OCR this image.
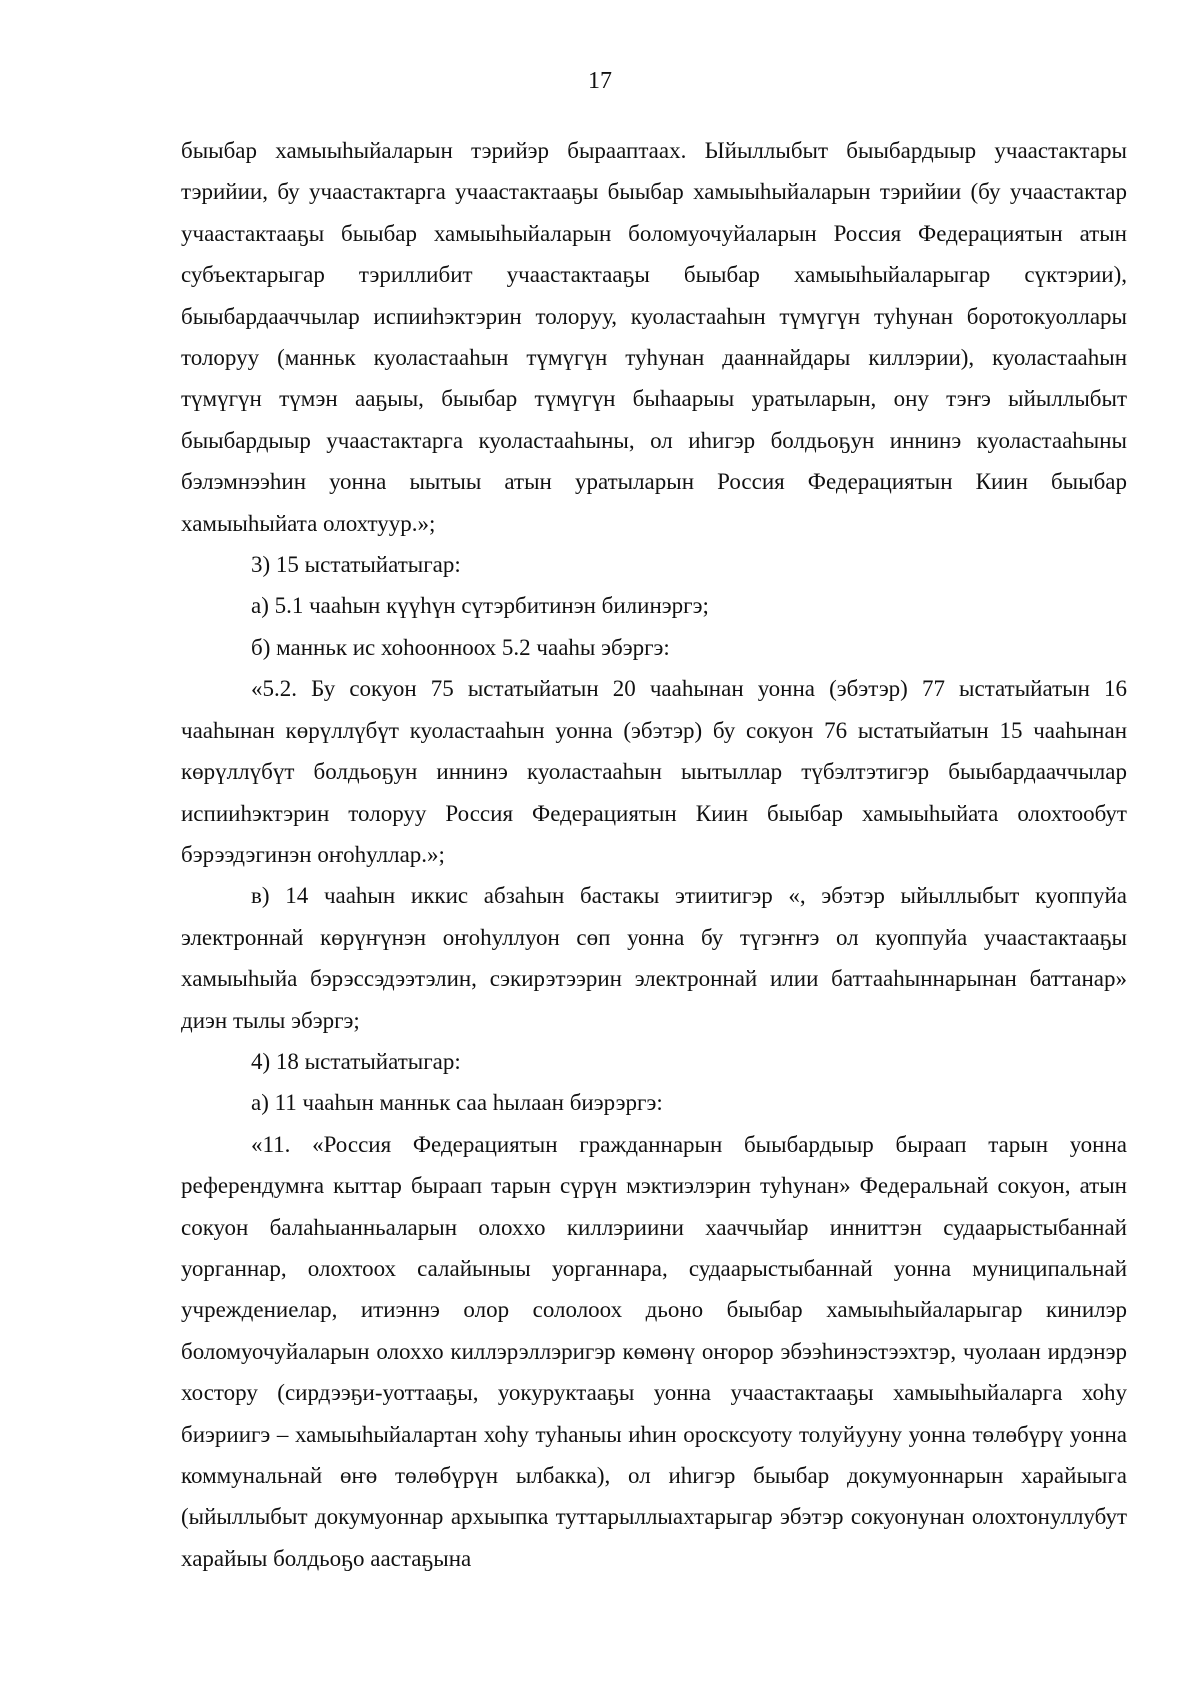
17

быыбар хамыыһыйаларын тэрийэр бырааптаах. Ыйыллыбыт быыбардыыр учаастактары тэрийии, бу учаастактарга учаастактааҕы быыбар хамыыһыйаларын тэрийии (бу учаастактар учаастактааҕы быыбар хамыыһыйаларын боломуочуйаларын Россия Федерациятын атын субъектарыгар тэриллибит учаастактааҕы быыбар хамыыһыйаларыгар сүктэрии), быыбардааччылар испииһэктэрин толоруу, куоластааһын түмүгүн туһунан боротокуоллары толоруу (манньк куоластааһын түмүгүн туһунан дааннайдары киллэрии), куоластааһын түмүгүн түмэн ааҕыы, быыбар түмүгүн быһаарыы уратыларын, ону тэҥэ ыйыллыбыт быыбардыыр учаастактарга куоластааһыны, ол иһигэр болдьоҕун иннинэ куоластааһыны бэлэмнээһин уонна ыытыы атын уратыларын Россия Федерациятын Киин быыбар хамыыһыйата олохтуур.»;

3) 15 ыстатыйатыгар:

а) 5.1 чааһын күүһүн сүтэрбитинэн билинэргэ;

б) манньк ис хоһоонноох 5.2 чааһы эбэргэ:

«5.2. Бу сокуон 75 ыстатыйатын 20 чааһынан уонна (эбэтэр) 77 ыстатыйатын 16 чааһынан көрүллүбүт куоластааһын уонна (эбэтэр) бу сокуон 76 ыстатыйатын 15 чааһынан көрүллүбүт болдьоҕун иннинэ куоластааһын ыытыллар түбэлтэтигэр быыбардааччылар испииһэктэрин толоруу Россия Федерациятын Киин быыбар хамыыһыйата олохтообут бэрээдэгинэн оҥоһуллар.»;

в) 14 чааһын иккис абзаһын бастакы этиитигэр «, эбэтэр ыйыллыбыт куоппуйа электроннай көрүҥүнэн оҥоһуллуон сөп уонна бу түгэҥҥэ ол куоппуйа учаастактааҕы хамыыһыйа бэрэссэдээтэлин, сэкирэтээрин электроннай илии баттааһыннарынан баттанар» диэн тылы эбэргэ;

4) 18 ыстатыйатыгар:

а) 11 чааһын манньк саа һылаан биэрэргэ:

«11. «Россия Федерациятын гражданнарын быыбардыыр быраап тарын уонна референдумҥа кыттар быраап тарын сүрүн мэктиэлэрин туһунан» Федеральнай сокуон, атын сокуон балаһыанньаларын олоххо киллэриини хааччыйар инниттэн судаарыстыбаннай уорганнар, олохтоох салайыныы уорганнара, судаарыстыбаннай уонна муниципальнай учреждениелар, итиэннэ олор сололоох дьоно быыбар хамыыһыйаларыгар кинилэр боломуочуйаларын олоххо киллэрэллэригэр көмөнү оҥорор эбээһинэстээхтэр, чуолаан ирдэнэр хостору (сирдээҕи-уоттааҕы, уокуруктааҕы уонна учаастактааҕы хамыыһыйаларга хоһу биэриигэ – хамыыһыйалартан хоһу туһаныы иһин оросксуоту толуйууну уонна төлөбүрү уонна коммунальнай өҥө төлөбүрүн ылбакка), ол иһигэр быыбар докумуоннарын харайыыга (ыйыллыбыт докумуоннар архыыпка туттарыллыахтарыгар эбэтэр сокуонунан олохтонуллубут харайыы болдьоҕо аастаҕына
